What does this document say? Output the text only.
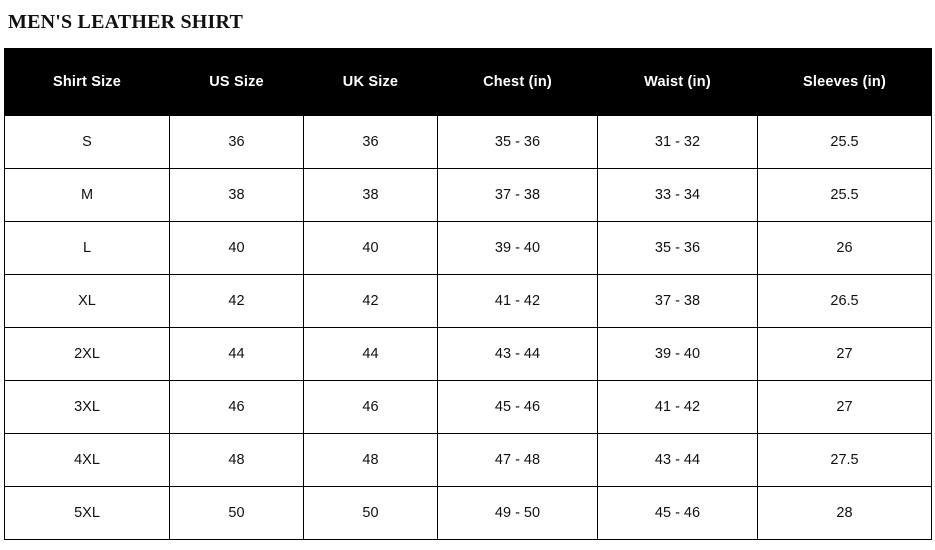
MEN'S LEATHER SHIRT
Shirt Size	US Size	UK Size	Chest (in)	Waist (in)	Sleeves (in)
S	36	36	35 - 36	31 - 32	25.5
M	38	38	37 - 38	33 - 34	25.5
L	40	40	39 - 40	35 - 36	26
XL	42	42	41 - 42	37 - 38	26.5
2XL	44	44	43 - 44	39 - 40	27
3XL	46	46	45 - 46	41 - 42	27
4XL	48	48	47 - 48	43 - 44	27.5
5XL	50	50	49 - 50	45 - 46	28
